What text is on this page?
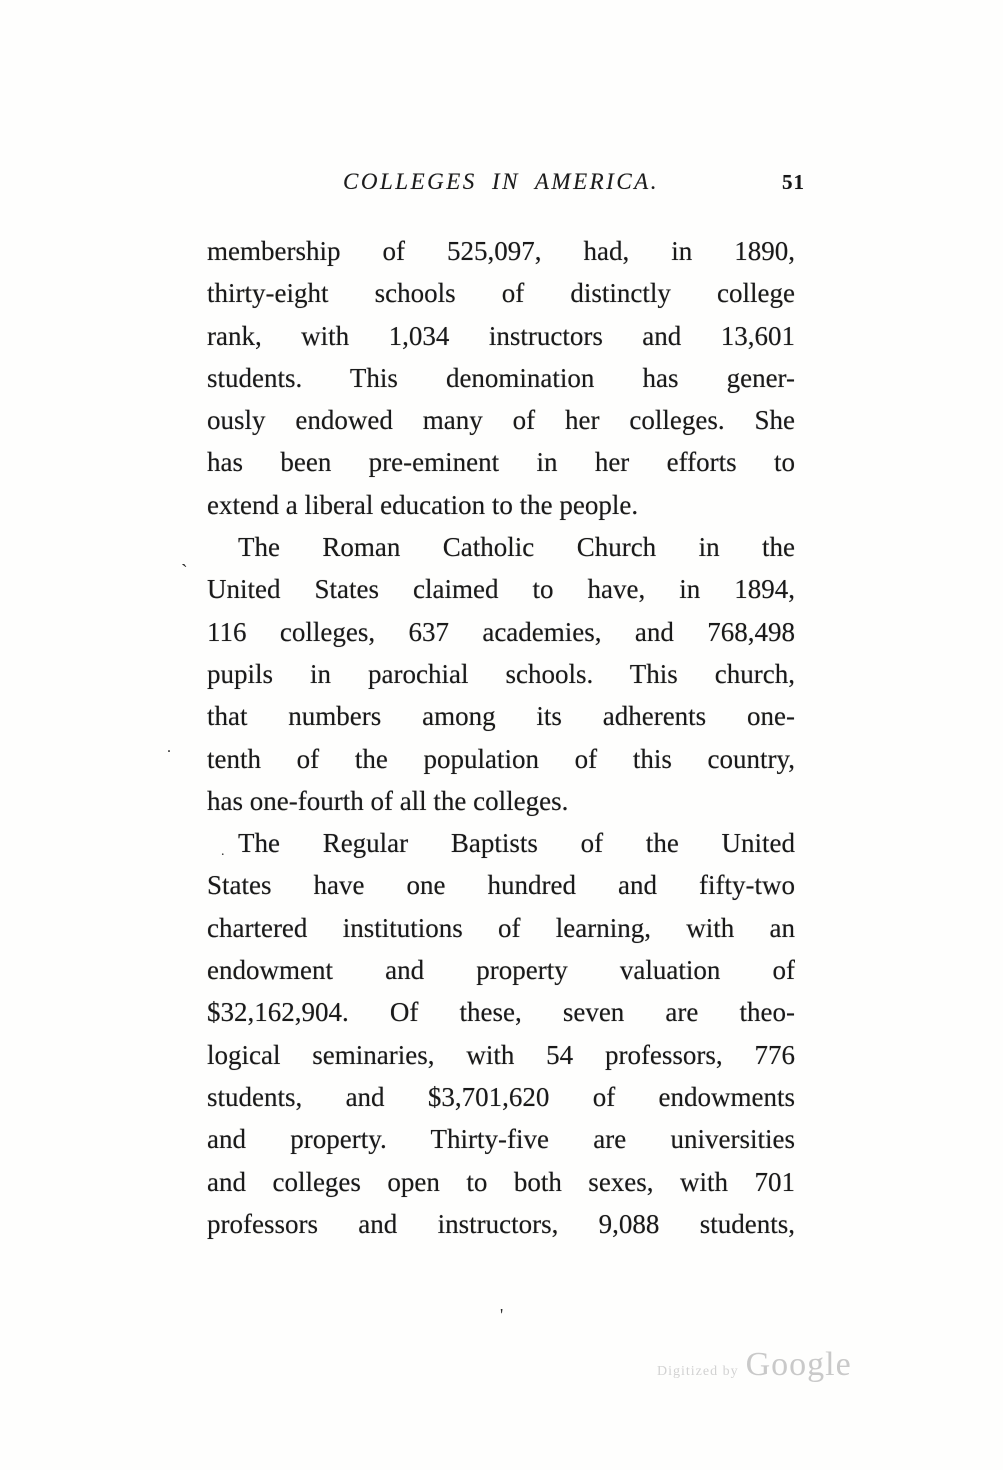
COLLEGES IN AMERICA.	51
membership of 525,097, had, in 1890,
thirty-eight schools of distinctly college
rank, with 1,034 instructors and 13,601
students. This denomination has gener-
ously endowed many of her colleges. She
has been pre-eminent in her efforts to
extend a liberal education to the people.
The Roman Catholic Church in the
United States claimed to have, in 1894,
116 colleges, 637 academies, and 768,498
pupils in parochial schools. This church,
that numbers among its adherents one-
tenth of the population of this country,
has one-fourth of all the colleges.
The Regular Baptists of the United
States have one hundred and fifty-two
chartered institutions of learning, with an
endowment and property valuation of
$32,162,904. Of these, seven are theo-
logical seminaries, with 54 professors, 776
students, and $3,701,620 of endowments
and property. Thirty-five are universities
and colleges open to both sexes, with 701
professors and instructors, 9,088 students,
Digitized by Google
`
.
.
'
